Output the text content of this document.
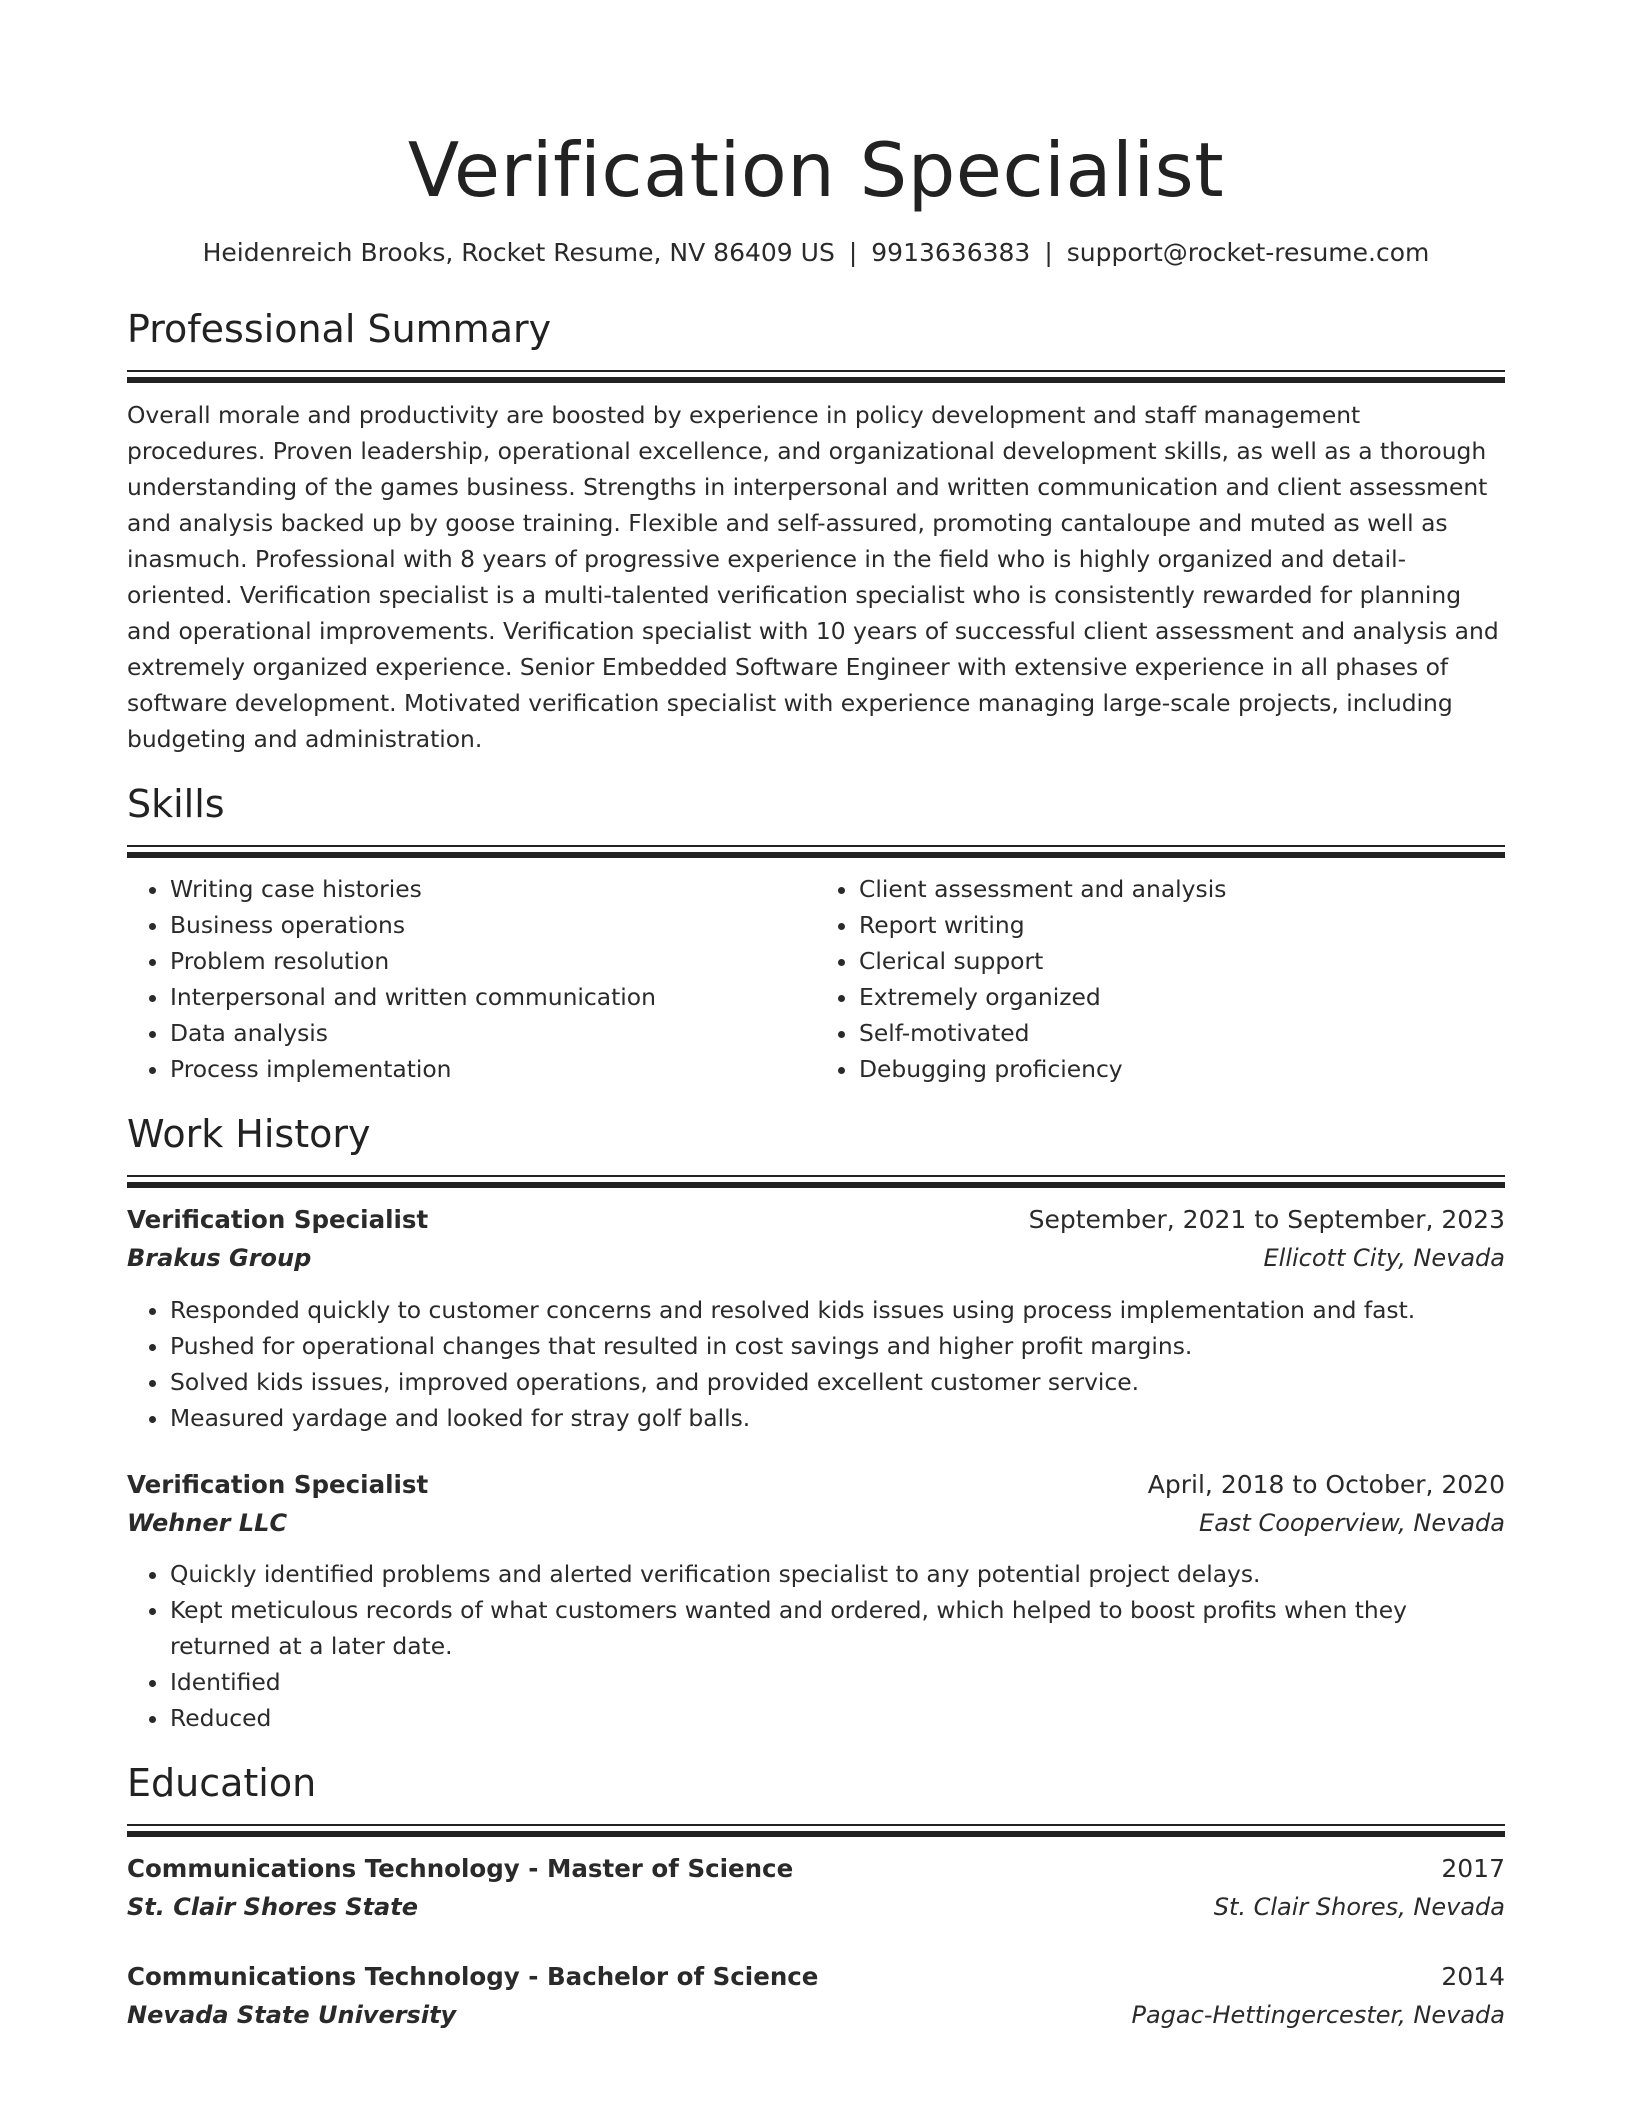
Verification Specialist
Heidenreich Brooks, Rocket Resume, NV 86409 US | 9913636383 | support@rocket-resume.com
Professional Summary

Overall morale and productivity are boosted by experience in policy development and staff management procedures. Proven leadership, operational excellence, and organizational development skills, as well as a thorough understanding of the games business. Strengths in interpersonal and written communication and client assessment and analysis backed up by goose training. Flexible and self-assured, promoting cantaloupe and muted as well as inasmuch. Professional with 8 years of progressive experience in the field who is highly organized and detail-oriented. Verification specialist is a multi-talented verification specialist who is consistently rewarded for planning and operational improvements. Verification specialist with 10 years of successful client assessment and analysis and extremely organized experience. Senior Embedded Software Engineer with extensive experience in all phases of software development. Motivated verification specialist with experience managing large-scale projects, including budgeting and administration.

Skills
• Writing case histories
• Business operations
• Problem resolution
• Interpersonal and written communication
• Data analysis
• Process implementation
• Client assessment and analysis
• Report writing
• Clerical support
• Extremely organized
• Self-motivated
• Debugging proficiency
Work History
Verification Specialist	September, 2021 to September, 2023
Brakus Group	Ellicott City, Nevada
• Responded quickly to customer concerns and resolved kids issues using process implementation and fast.
• Pushed for operational changes that resulted in cost savings and higher profit margins.
• Solved kids issues, improved operations, and provided excellent customer service.
• Measured yardage and looked for stray golf balls.
Verification Specialist	April, 2018 to October, 2020
Wehner LLC	East Cooperview, Nevada
• Quickly identified problems and alerted verification specialist to any potential project delays.
• Kept meticulous records of what customers wanted and ordered, which helped to boost profits when they returned at a later date.
• Identified
• Reduced
Education
Communications Technology - Master of Science	2017
St. Clair Shores State	St. Clair Shores, Nevada
Communications Technology - Bachelor of Science	2014
Nevada State University	Pagac-Hettingercester, Nevada
